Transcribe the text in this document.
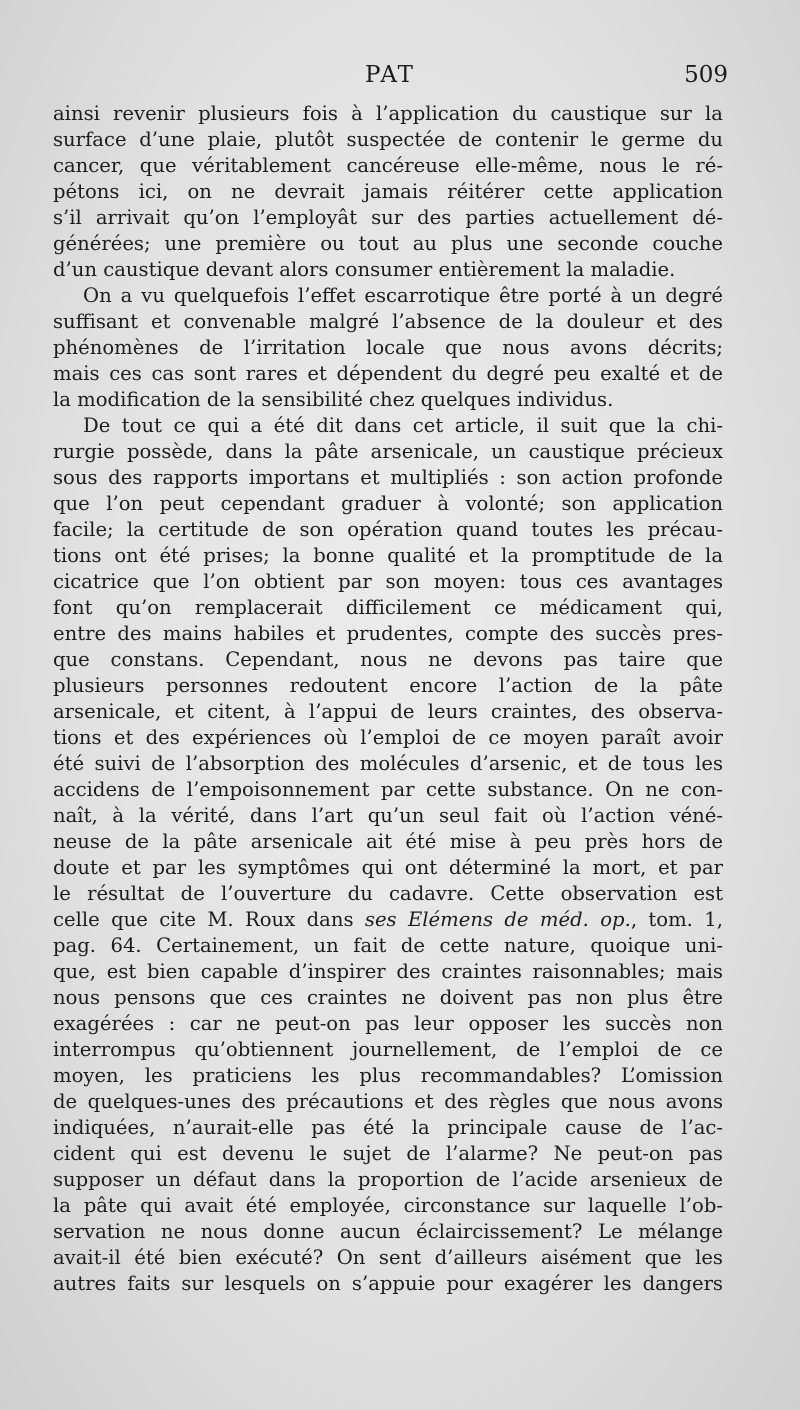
PAT	509
ainsi revenir plusieurs fois à l’application du caustique sur la
surface d’une plaie, plutôt suspectée de contenir le germe du
cancer, que véritablement cancéreuse elle-même, nous le ré-
pétons ici, on ne devrait jamais réitérer cette application
s’il arrivait qu’on l’employât sur des parties actuellement dé-
générées; une première ou tout au plus une seconde couche
d’un caustique devant alors consumer entièrement la maladie.
On a vu quelquefois l’effet escarrotique être porté à un degré
suffisant et convenable malgré l’absence de la douleur et des
phénomènes de l’irritation locale que nous avons décrits;
mais ces cas sont rares et dépendent du degré peu exalté et de
la modification de la sensibilité chez quelques individus.
De tout ce qui a été dit dans cet article, il suit que la chi-
rurgie possède, dans la pâte arsenicale, un caustique précieux
sous des rapports importans et multipliés : son action profonde
que l’on peut cependant graduer à volonté; son application
facile; la certitude de son opération quand toutes les précau-
tions ont été prises; la bonne qualité et la promptitude de la
cicatrice que l’on obtient par son moyen: tous ces avantages
font qu’on remplacerait difficilement ce médicament qui,
entre des mains habiles et prudentes, compte des succès pres-
que constans. Cependant, nous ne devons pas taire que
plusieurs personnes redoutent encore l’action de la pâte
arsenicale, et citent, à l’appui de leurs craintes, des observa-
tions et des expériences où l’emploi de ce moyen paraît avoir
été suivi de l’absorption des molécules d’arsenic, et de tous les
accidens de l’empoisonnement par cette substance. On ne con-
naît, à la vérité, dans l’art qu’un seul fait où l’action véné-
neuse de la pâte arsenicale ait été mise à peu près hors de
doute et par les symptômes qui ont déterminé la mort, et par
le résultat de l’ouverture du cadavre. Cette observation est
celle que cite M. Roux dans ses Elémens de méd. op., tom. 1,
pag. 64. Certainement, un fait de cette nature, quoique uni-
que, est bien capable d’inspirer des craintes raisonnables; mais
nous pensons que ces craintes ne doivent pas non plus être
exagérées : car ne peut-on pas leur opposer les succès non
interrompus qu’obtiennent journellement, de l’emploi de ce
moyen, les praticiens les plus recommandables? L’omission
de quelques-unes des précautions et des règles que nous avons
indiquées, n’aurait-elle pas été la principale cause de l’ac-
cident qui est devenu le sujet de l’alarme? Ne peut-on pas
supposer un défaut dans la proportion de l’acide arsenieux de
la pâte qui avait été employée, circonstance sur laquelle l’ob-
servation ne nous donne aucun éclaircissement? Le mélange
avait-il été bien exécuté? On sent d’ailleurs aisément que les
autres faits sur lesquels on s’appuie pour exagérer les dangers
